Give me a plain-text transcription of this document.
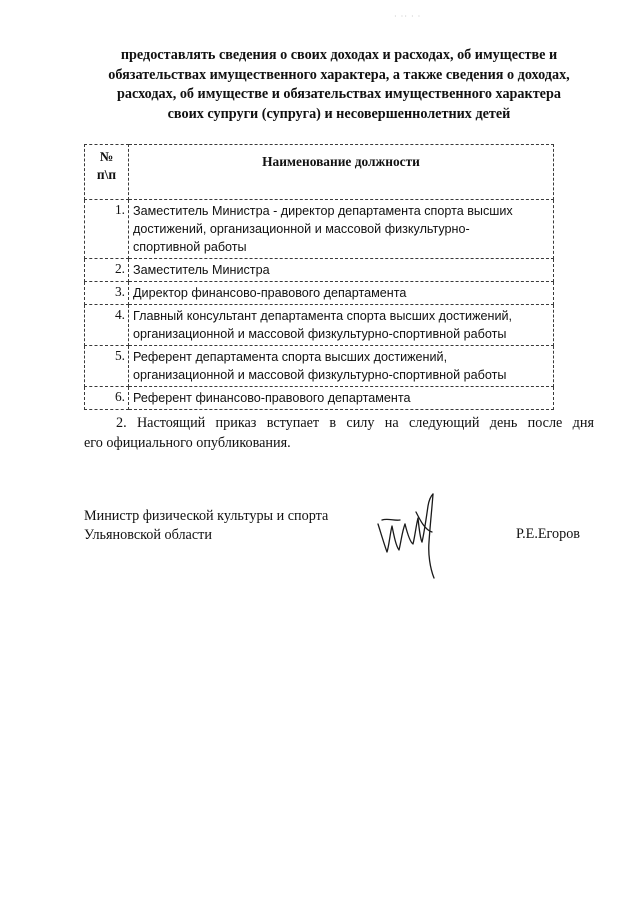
· ·· · ·
предоставлять сведения о своих доходах и расходах, об имуществе и
обязательствах имущественного характера, а также сведения о доходах,
расходах, об имуществе и обязательствах имущественного характера
своих супруги (супруга) и несовершеннолетних детей
№
п\п	Наименование должности
1.	Заместитель Министра - директор департамента спорта высших
достижений, организационной и массовой физкультурно-
спортивной работы

2.	Заместитель Министра

3.	Директор финансово-правового департамента

4.	Главный консультант департамента спорта высших достижений,
организационной и массовой физкультурно-спортивной работы

5.	Референт департамента спорта высших достижений,
организационной и массовой физкультурно-спортивной работы

6.	Референт финансово-правового департамента
2. Настоящий приказ вступает в силу на следующий день после дня
его официального опубликования.
Министр физической культуры и спорта
Ульяновской области	Р.Е.Егоров
